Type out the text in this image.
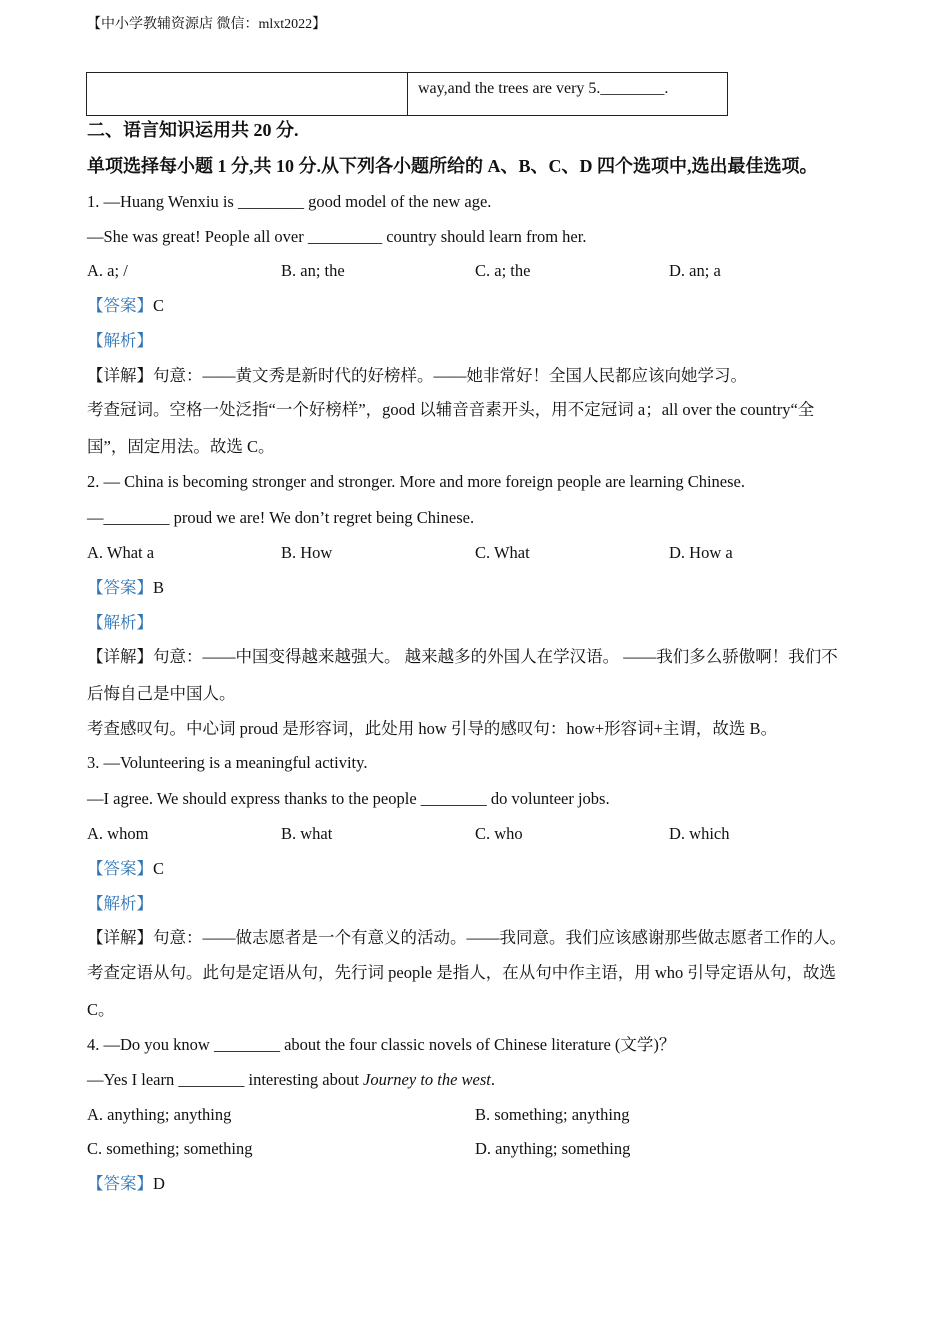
【中小学教辅资源店 微信：mlxt2022】
	way,and the trees are very 5.________.
二、语言知识运用共 20 分.
单项选择每小题 1 分,共 10 分.从下列各小题所给的 A、B、C、D 四个选项中,选出最佳选项。
1. —Huang Wenxiu is ________ good model of the new age.
—She was great! People all over _________ country should learn from her.
A. a; /	B. an; the	C. a; the	D. an; a
【答案】C
【解析】
【详解】句意：——黄文秀是新时代的好榜样。——她非常好！全国人民都应该向她学习。
考查冠词。空格一处泛指“一个好榜样”，good 以辅音音素开头，用不定冠词 a；all over the country“全
国”，固定用法。故选 C。
2. — China is becoming stronger and stronger. More and more foreign people are learning Chinese.
—________ proud we are! We don’t regret being Chinese.
A. What a	B. How	C. What	D. How a
【答案】B
【解析】
【详解】句意：——中国变得越来越强大。 越来越多的外国人在学汉语。 ——我们多么骄傲啊！我们不
后悔自己是中国人。
考查感叹句。中心词 proud 是形容词，此处用 how 引导的感叹句：how+形容词+主谓，故选 B。
3. —Volunteering is a meaningful activity.
—I agree. We should express thanks to the people ________ do volunteer jobs.
A. whom	B. what	C. who	D. which
【答案】C
【解析】
【详解】句意：——做志愿者是一个有意义的活动。——我同意。我们应该感谢那些做志愿者工作的人。
考查定语从句。此句是定语从句，先行词 people 是指人，在从句中作主语，用 who 引导定语从句，故选
C。
4. —Do you know ________ about the four classic novels of Chinese literature (文学)？
—Yes I learn ________ interesting about Journey to the west.
A. anything; anything	B. something; anything
C. something; something	D. anything; something
【答案】D
